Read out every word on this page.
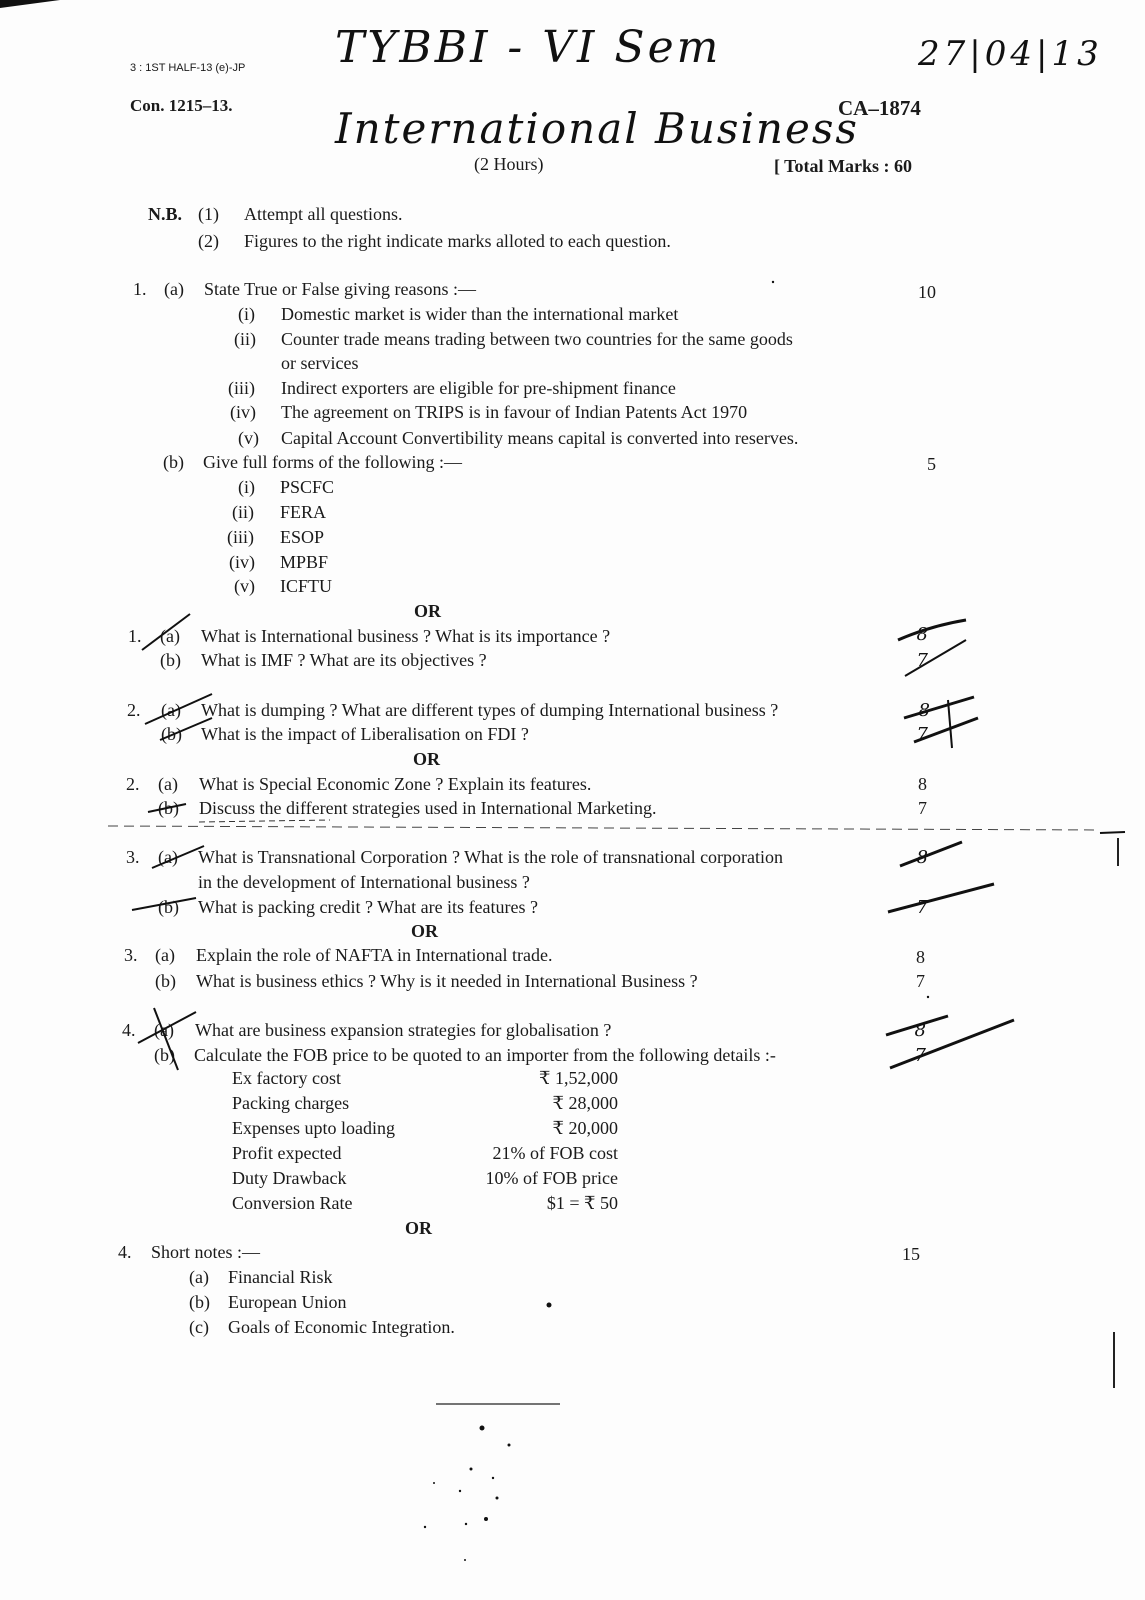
3 : 1ST HALF-13 (e)-JP TYBBI - VI Sem	27|04|13
Con. 1215–13.	CA–1874
International Business
(2 Hours)	[ Total Marks : 60
N.B. (1) Attempt all questions.
(2) Figures to the right indicate marks alloted to each question.
1. (a) State True or False giving reasons :—	10
(i) Domestic market is wider than the international market
(ii) Counter trade means trading between two countries for the same goods
or services
(iii) Indirect exporters are eligible for pre-shipment finance
(iv) The agreement on TRIPS is in favour of Indian Patents Act 1970
(v) Capital Account Convertibility means capital is converted into reserves.
(b) Give full forms of the following :—	5
(i) PSCFC
(ii) FERA
(iii) ESOP
(iv) MPBF
(v) ICFTU
OR
1. (a) What is International business ? What is its importance ?	8
(b) What is IMF ? What are its objectives ?	7
2. (a) What is dumping ? What are different types of dumping International business ?	8
(b) What is the impact of Liberalisation on FDI ?	7
OR
2. (a) What is Special Economic Zone ? Explain its features.	8
(b) Discuss the different strategies used in International Marketing.	7
3. (a) What is Transnational Corporation ? What is the role of transnational corporation
in the development of International business ?
8
(b) What is packing credit ? What are its features ?	7
OR
3. (a) Explain the role of NAFTA in International trade.	8
(b) What is business ethics ? Why is it needed in International Business ?	7
4. (a) What are business expansion strategies for globalisation ?	8
(b) Calculate the FOB price to be quoted to an importer from the following details :-	7
Ex factory cost	₹ 1,52,000
Packing charges	₹ 28,000
Expenses upto loading	₹ 20,000
Profit expected	21% of FOB cost
Duty Drawback	10% of FOB price
Conversion Rate	$1 = ₹ 50
OR
4. Short notes :—	15
(a) Financial Risk
(b) European Union
(c) Goals of Economic Integration.
